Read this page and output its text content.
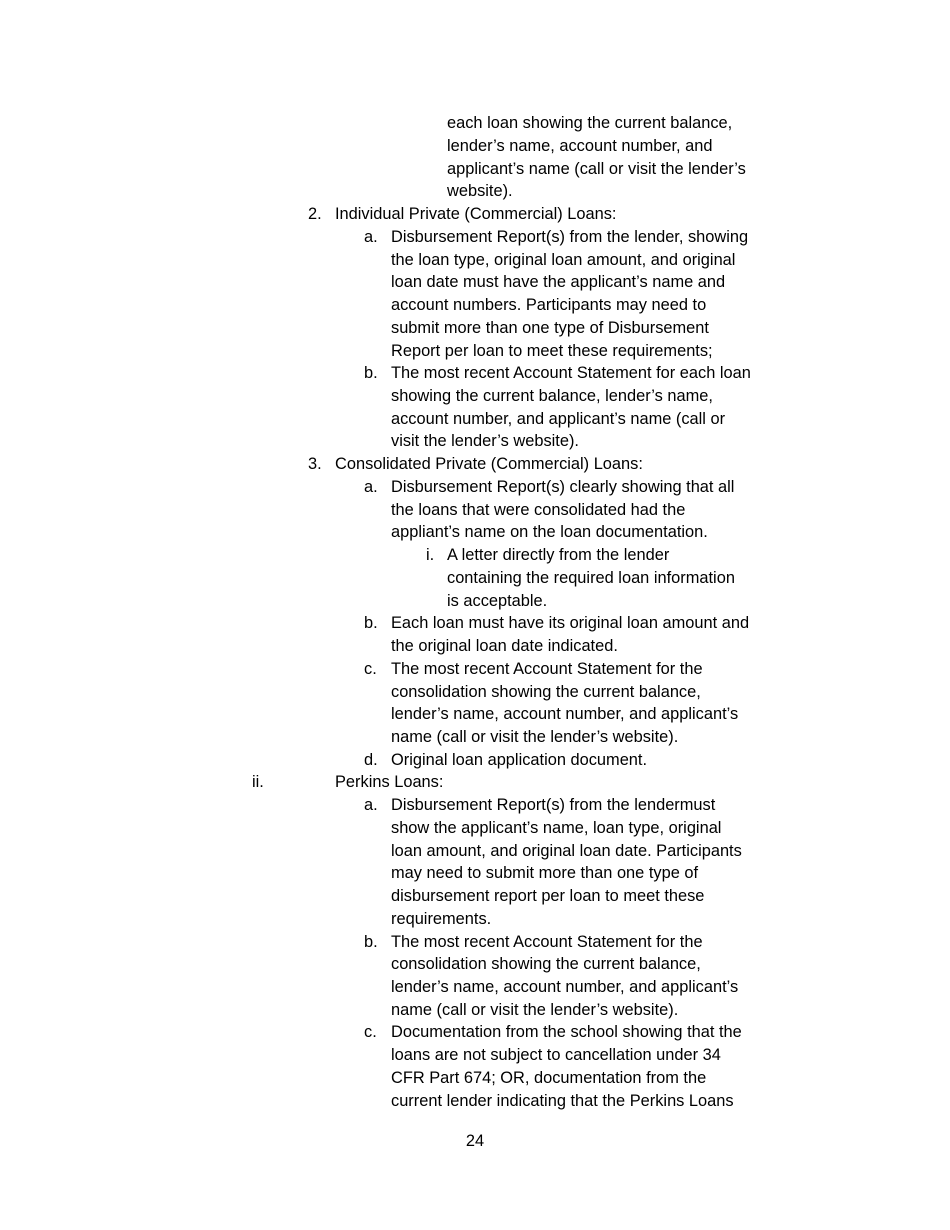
each loan showing the current balance,
lender’s name, account number, and
applicant’s name (call or visit the lender’s
website).
2. Individual Private (Commercial) Loans:
a. Disbursement Report(s) from the lender, showing
the loan type, original loan amount, and original
loan date must have the applicant’s name and
account numbers. Participants may need to
submit more than one type of Disbursement
Report per loan to meet these requirements;
b. The most recent Account Statement for each loan
showing the current balance, lender’s name,
account number, and applicant’s name (call or
visit the lender’s website).
3. Consolidated Private (Commercial) Loans:
a. Disbursement Report(s) clearly showing that all
the loans that were consolidated had the
appliant’s name on the loan documentation.
i. A letter directly from the lender
containing the required loan information
is acceptable.
b. Each loan must have its original loan amount and
the original loan date indicated.
c. The most recent Account Statement for the
consolidation showing the current balance,
lender’s name, account number, and applicant’s
name (call or visit the lender’s website).
d. Original loan application document.
ii.	Perkins Loans:
a. Disbursement Report(s) from the lendermust
show the applicant’s name, loan type, original
loan amount, and original loan date. Participants
may need to submit more than one type of
disbursement report per loan to meet these
requirements.
b. The most recent Account Statement for the
consolidation showing the current balance,
lender’s name, account number, and applicant’s
name (call or visit the lender’s website).
c. Documentation from the school showing that the
loans are not subject to cancellation under 34
CFR Part 674; OR, documentation from the
current lender indicating that the Perkins Loans
24
